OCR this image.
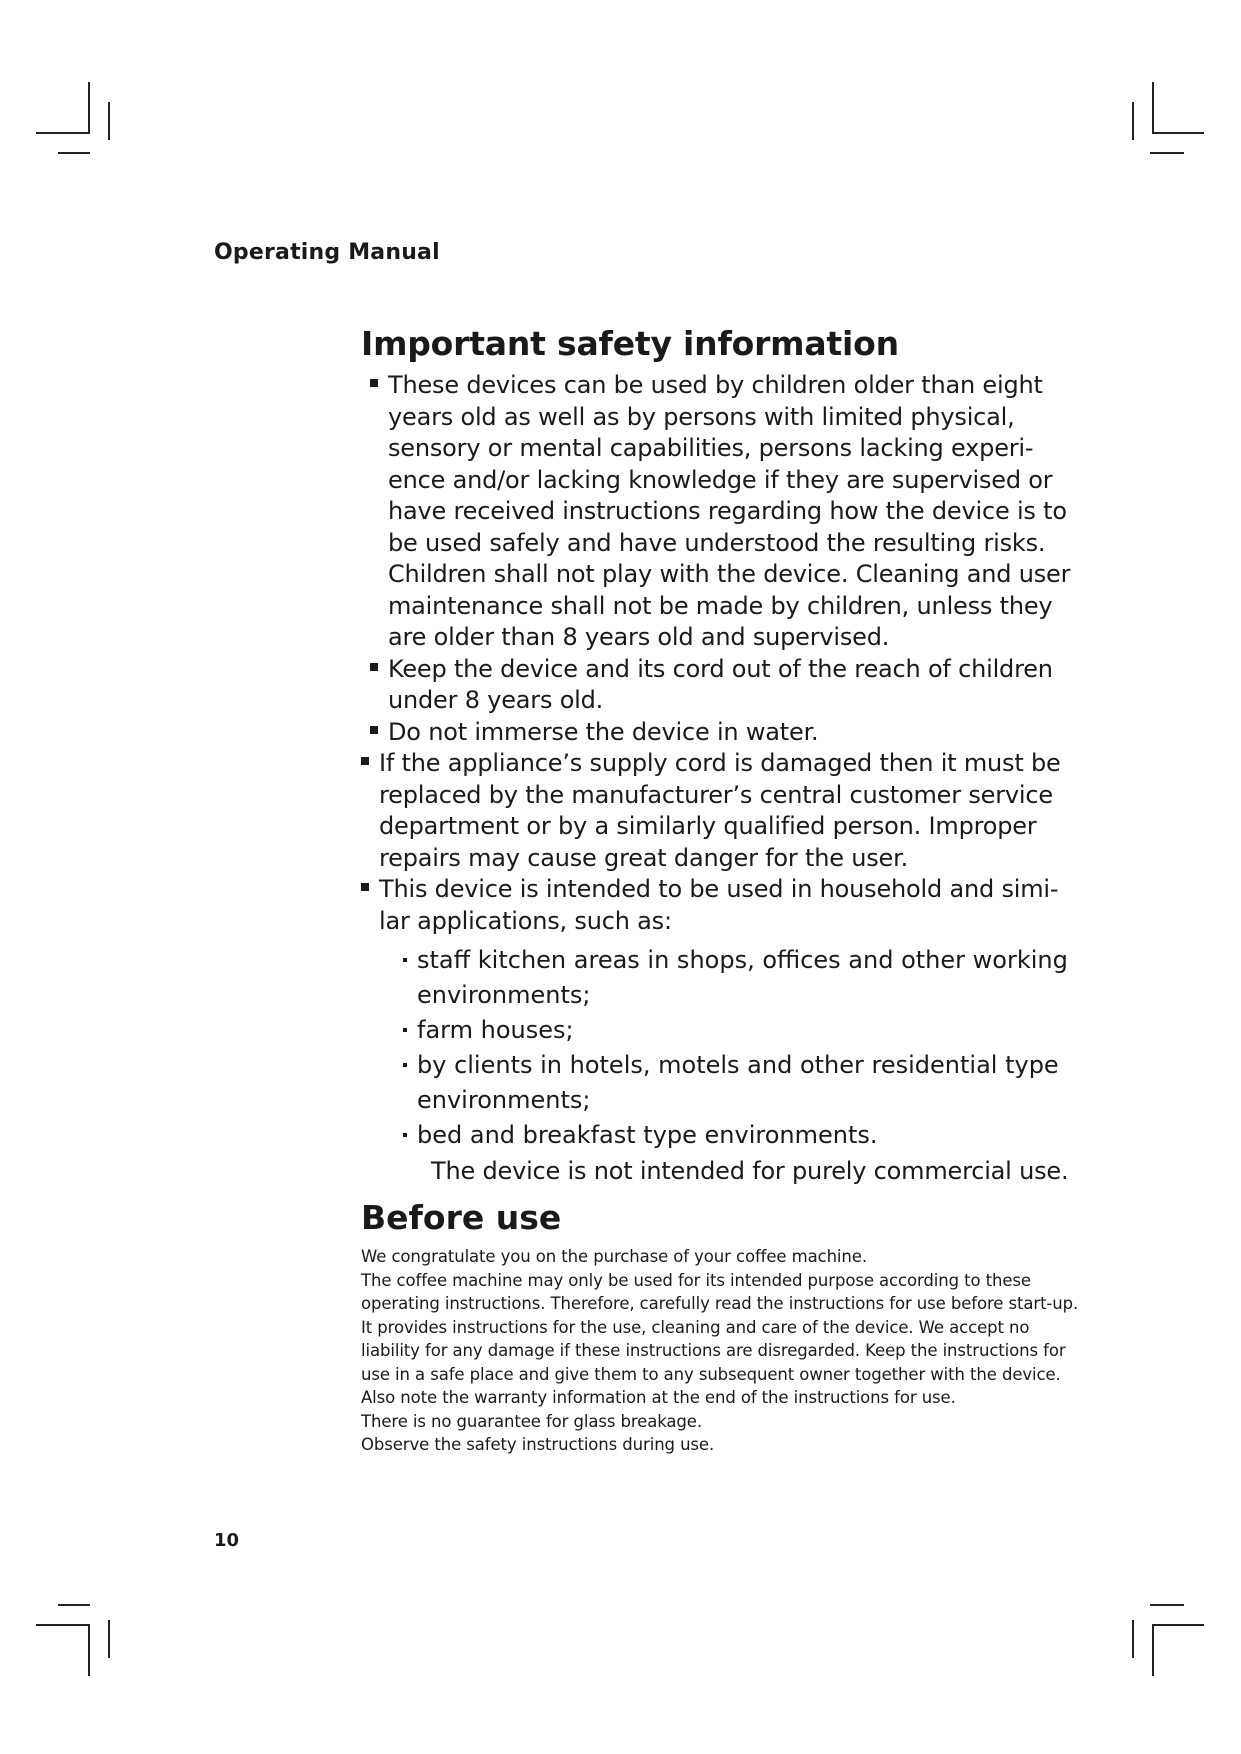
Operating Manual
Important safety information
These devices can be used by children older than eight years old as well as by persons with limited physical, sensory or mental capabilities, persons lacking experi-ence and/or lacking knowledge if they are supervised or have received instructions regarding how the device is to be used safely and have understood the resulting risks. Children shall not play with the device. Cleaning and user maintenance shall not be made by children, unless they are older than 8 years old and supervised.
Keep the device and its cord out of the reach of children under 8 years old.
Do not immerse the device in water.
If the appliance’s supply cord is damaged then it must be replaced by the manufacturer’s central customer service department or by a similarly qualified person. Improper repairs may cause great danger for the user.
This device is intended to be used in household and simi-lar applications, such as:
staff kitchen areas in shops, offices and other working environments;
farm houses;
by clients in hotels, motels and other residential type environments;
bed and breakfast type environments.

The device is not intended for purely commercial use.

Before use

We congratulate you on the purchase of your coffee machine.

The coffee machine may only be used for its intended purpose according to these operating instructions. Therefore, carefully read the instructions for use before start-up. It provides instructions for the use, cleaning and care of the device. We accept no liability for any damage if these instructions are disregarded. Keep the instructions for use in a safe place and give them to any subsequent owner together with the device. Also note the warranty information at the end of the instructions for use.

There is no guarantee for glass breakage.

Observe the safety instructions during use.

10
